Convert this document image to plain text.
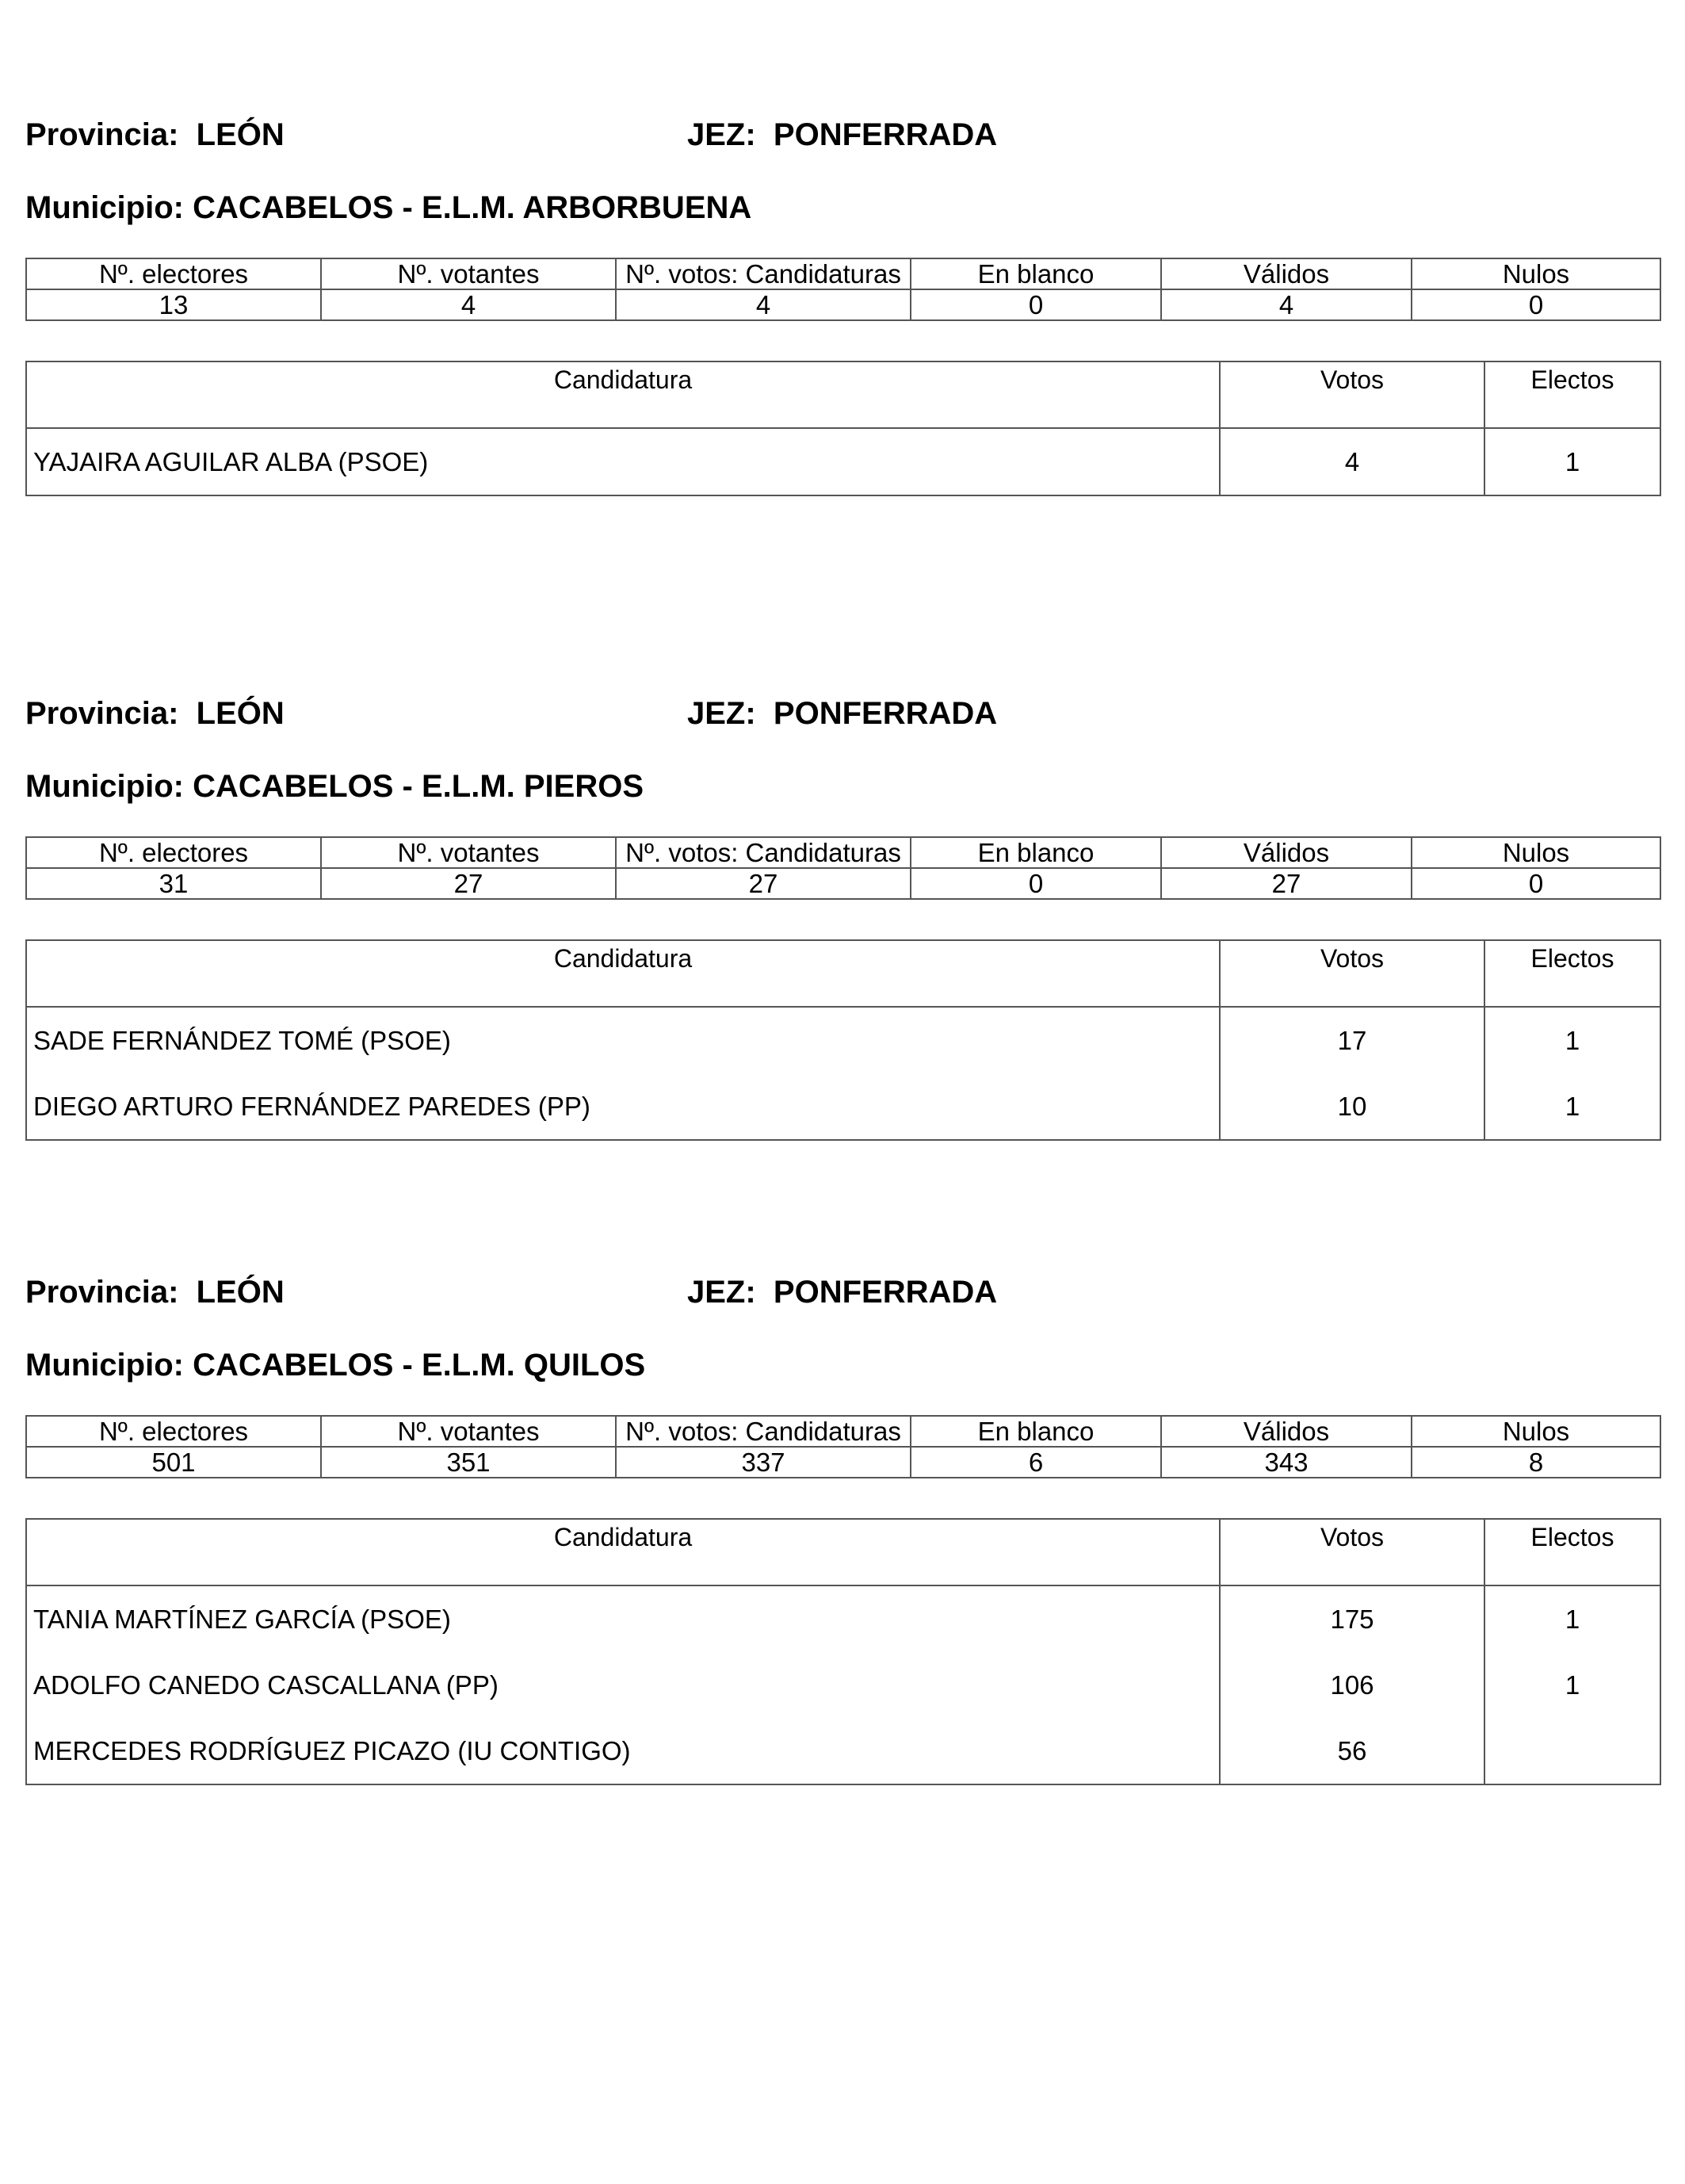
Provincia: LEÓN	JEZ: PONFERRADA
Municipio: CACABELOS - E.L.M. ARBORBUENA
Nº. electores	Nº. votantes	Nº. votos: Candidaturas	En blanco	Válidos	Nulos
13	4	4	0	4	0
Candidatura	Votos	Electos
YAJAIRA AGUILAR ALBA (PSOE)	4	1
Provincia: LEÓN	JEZ: PONFERRADA
Municipio: CACABELOS - E.L.M. PIEROS
Nº. electores	Nº. votantes	Nº. votos: Candidaturas	En blanco	Válidos	Nulos
31	27	27	0	27	0
Candidatura	Votos	Electos
SADE FERNÁNDEZ TOMÉ (PSOE)	17	1
DIEGO ARTURO FERNÁNDEZ PAREDES (PP)	10	1
Provincia: LEÓN	JEZ: PONFERRADA
Municipio: CACABELOS - E.L.M. QUILOS
Nº. electores	Nº. votantes	Nº. votos: Candidaturas	En blanco	Válidos	Nulos
501	351	337	6	343	8
Candidatura	Votos	Electos
TANIA MARTÍNEZ GARCÍA (PSOE)	175	1
ADOLFO CANEDO CASCALLANA (PP)	106	1
MERCEDES RODRÍGUEZ PICAZO (IU CONTIGO)	56	
